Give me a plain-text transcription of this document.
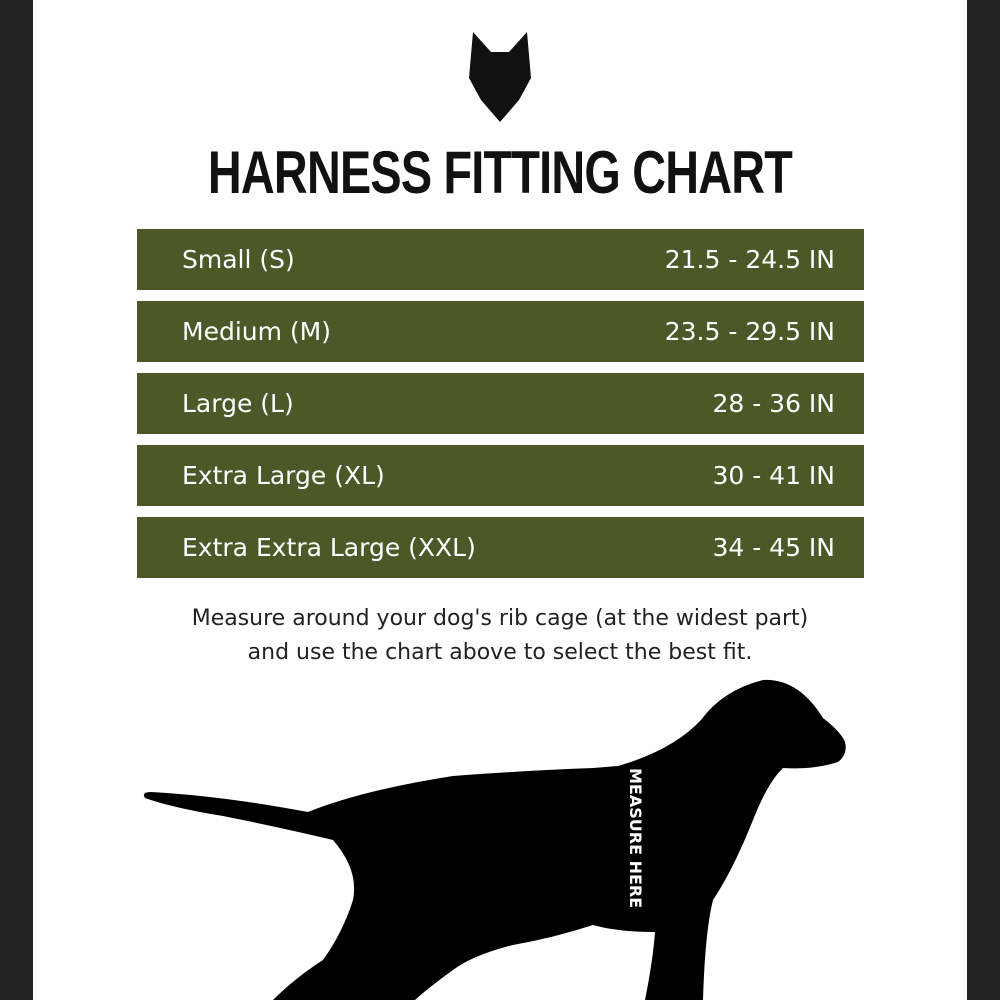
HARNESS FITTING CHART
Small (S)	21.5 - 24.5 IN
Medium (M)	23.5 - 29.5 IN
Large (L)	28 - 36 IN
Extra Large (XL)	30 - 41 IN
Extra Extra Large (XXL)	34 - 45 IN
Measure around your dog's rib cage (at the widest part)
and use the chart above to select the best fit.
MEASURE HERE
